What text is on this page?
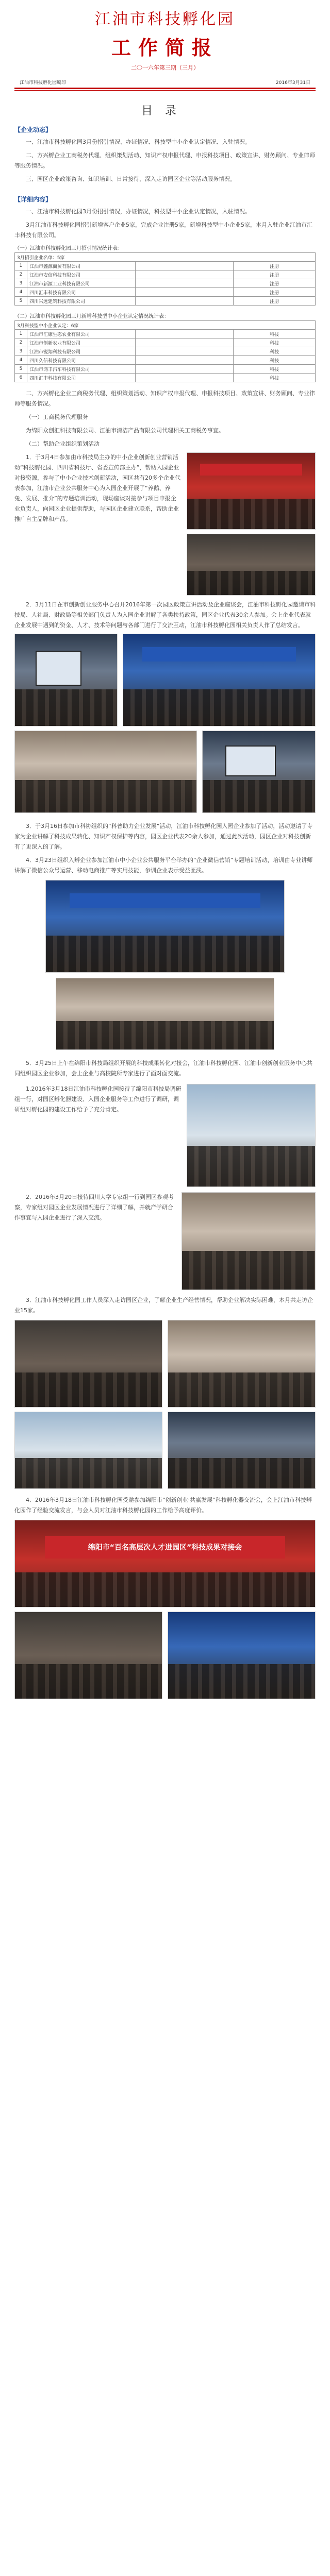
江油市科技孵化园
工作简报
二〇一六年第三期（三月）
江油市科技孵化园编印	2016年3月31日
目录
【企业动态】

一、江油市科技孵化园3月份招引情况、办证情况、科技型中小企业认定情况、入驻情况。

二、方兴孵企业工商税务代理、组织策划活动、知识产权申报代理、申报科技项目、政策宣讲、财务顾问、专业律师等服务情况。

三、园区企业政策咨询、知识培训、日常接待，深入走访园区企业等活动服务情况。

【详细内容】

一、江油市科技孵化园3月份招引情况，办证情况，科技型中小企业认定情况，入驻情况。

3月江油市科技孵化园招引新增客户企业5家，完成企业注册5家，新增科技型中小企业5家，本月入驻企业江油市汇丰科技有限公司。

（一）江油市科技孵化园三月招引情况统计表：
3月招引企业名单：5家			
1	江油市鑫源商贸有限公司		注册
2	江油市安信科技有限公司		注册
3	江油市新源工业科技有限公司		注册
4	四川汇丰科技有限公司		注册
5	四川兴远建筑科技有限公司		注册
（二）江油市科技孵化园三月新增科技型中小企业认定情况统计表：
3月科技型中小企业认定：6家			
1	江油市汇康生态农业有限公司		科技
2	江油市创新农业有限公司		科技
3	江油市锐翔科技有限公司		科技
4	四川久信科技有限公司		科技
5	江油市鸿丰汽车科技有限公司		科技
6	四川汇丰科技有限公司		科技

二、方兴孵化企业工商税务代理、组织策划活动、知识产权申报代理、申报科技项目、政策宣讲、财务顾问、专业律师等服务情况。

（一）工商税务代理服务

为绵阳众创汇科技有限公司、江油市清洁产品有限公司代理相关工商税务事宜。

（二）帮助企业组织策划活动

1．于3月4日参加由市科技局主办的中小企业创新创业营销活动“科技孵化园、四川省科技厅、省委宣传部主办”，帮助入园企业对接资源，参与了中小企业技术创新活动，园区共有20多个企业代表参加，江油市企业公共服务中心为入园企业开展了“养鹅、养兔、发展、推介”的专题培训活动，现场座谈对接参与项目申报企业负责人，向园区企业提供帮助，与园区企业建立联系，帮助企业推广自主品牌和产品。

2．3月11日在市创新创业服务中心召开2016年第一次园区政策宣讲活动及企业座谈会，江油市科技孵化园邀请市科技局、人社局、财政局等相关部门负责人为入园企业讲解了各类扶持政策，园区企业代表30余人参加。会上企业代表就企业发展中遇到的资金、人才、技术等问题与各部门进行了交流互动，江油市科技孵化园相关负责人作了总结发言。

3．于3月16日参加市科协组织的“科普助力企业发展”活动，江油市科技孵化园入园企业参加了活动，活动邀请了专家为企业讲解了科技成果转化、知识产权保护等内容，园区企业代表20余人参加，通过此次活动，园区企业对科技创新有了更深入的了解。

4．3月23日组织入孵企业参加江油市中小企业公共服务平台举办的“企业微信营销”专题培训活动，培训由专业讲师讲解了微信公众号运营、移动电商推广等实用技能，参训企业表示受益匪浅。

5．3月25日上午在绵阳市科技局组织开展的科技成果转化对接会，江油市科技孵化园、江油市创新创业服务中心共同组织园区企业参加，会上企业与高校院所专家进行了面对面交流。

1.2016年3月18日江油市科技孵化园接待了绵阳市科技局调研组一行，对园区孵化器建设、入园企业服务等工作进行了调研，调研组对孵化园的建设工作给予了充分肯定。

2．2016年3月20日接待四川大学专家组一行到园区参观考察，专家组对园区企业发展情况进行了详细了解，并就产学研合作事宜与入园企业进行了深入交流。

3．江油市科技孵化园工作人员深入走访园区企业，了解企业生产经营情况，帮助企业解决实际困难，本月共走访企业15家。

4．2016年3月18日江油市科技孵化园受邀参加绵阳市“创新创业·共赢发展”科技孵化器交流会，会上江油市科技孵化园作了经验交流发言，与会人员对江油市科技孵化园的工作给予高度评价。

绵阳市“百名高层次人才进园区”科技成果对接会
